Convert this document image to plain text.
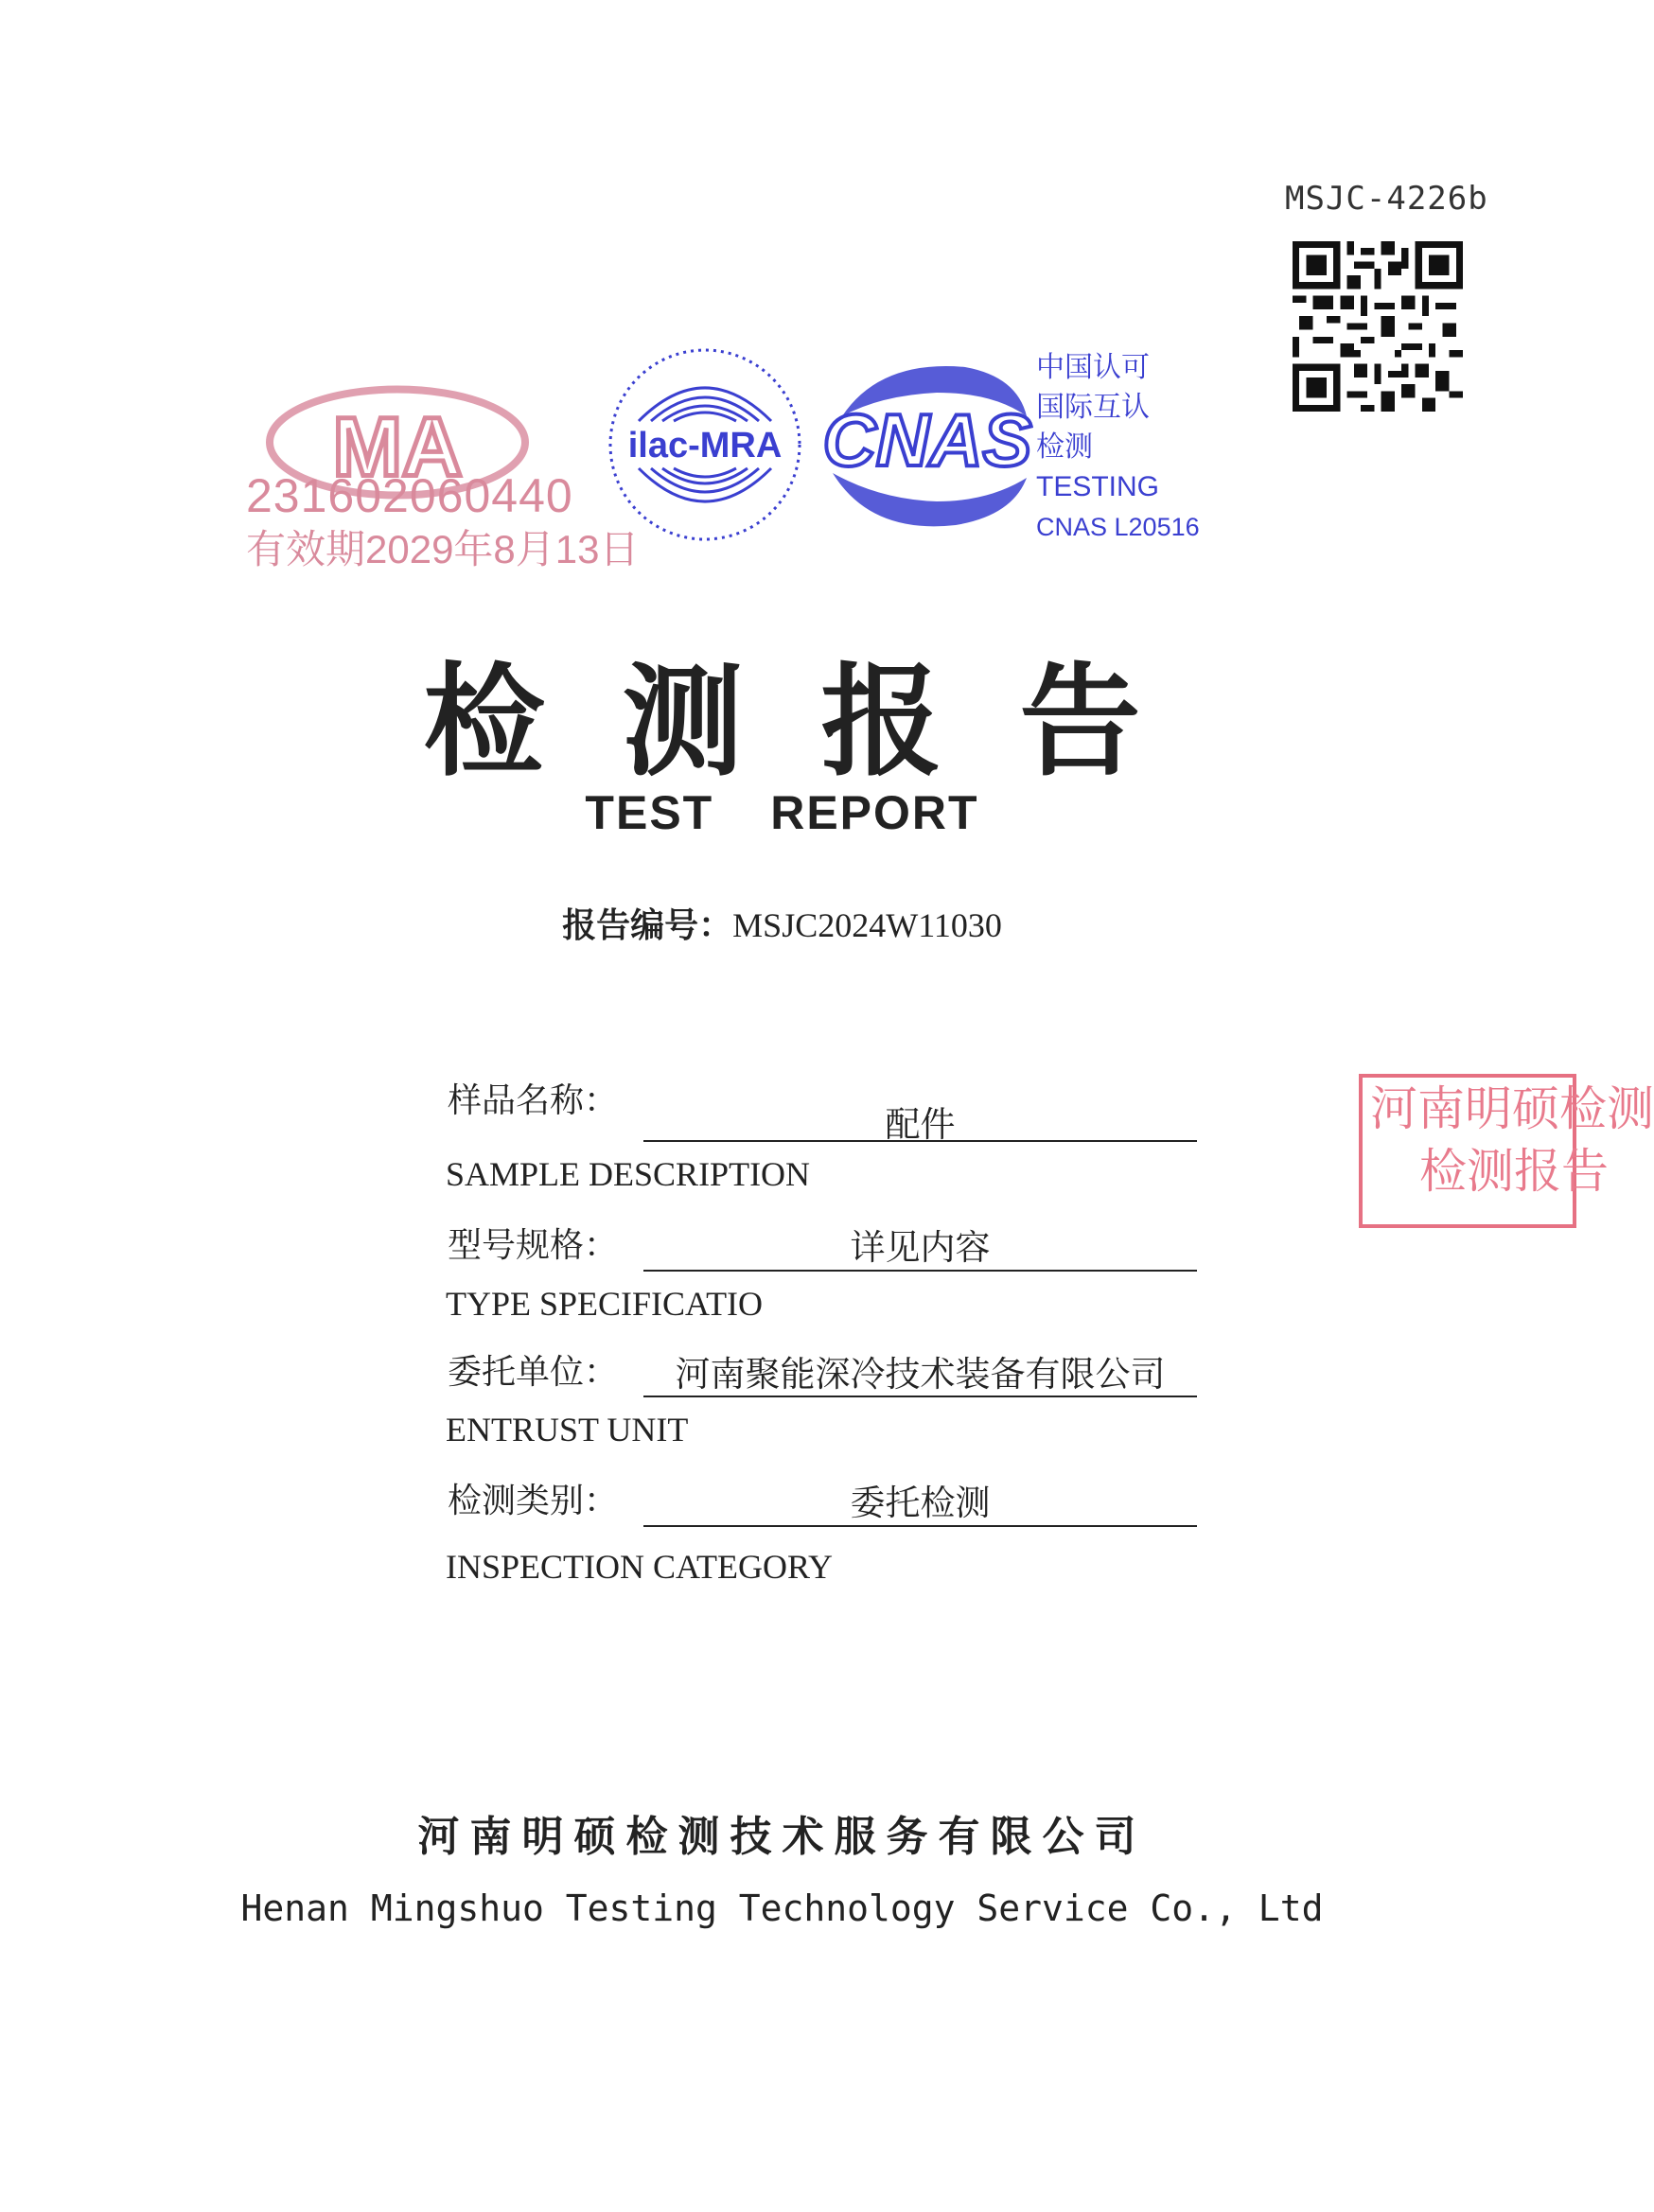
MSJC-4226b
MA
231602060440
有效期2029年8月13日
ilac-MRA CNAS
中国认可
国际互认
检测
TESTING
CNAS L20516
检测报告
TEST REPORT
报告编号：MSJC2024W11030
样品名称：
配件
SAMPLE DESCRIPTION
型号规格：	详见内容
TYPE SPECIFICATIO
委托单位：	河南聚能深冷技术装备有限公司
ENTRUST UNIT
检测类别：	委托检测
INSPECTION CATEGORY
河南明硕检测
检测报告
河南明硕检测技术服务有限公司
Henan Mingshuo Testing Technology Service Co., Ltd
